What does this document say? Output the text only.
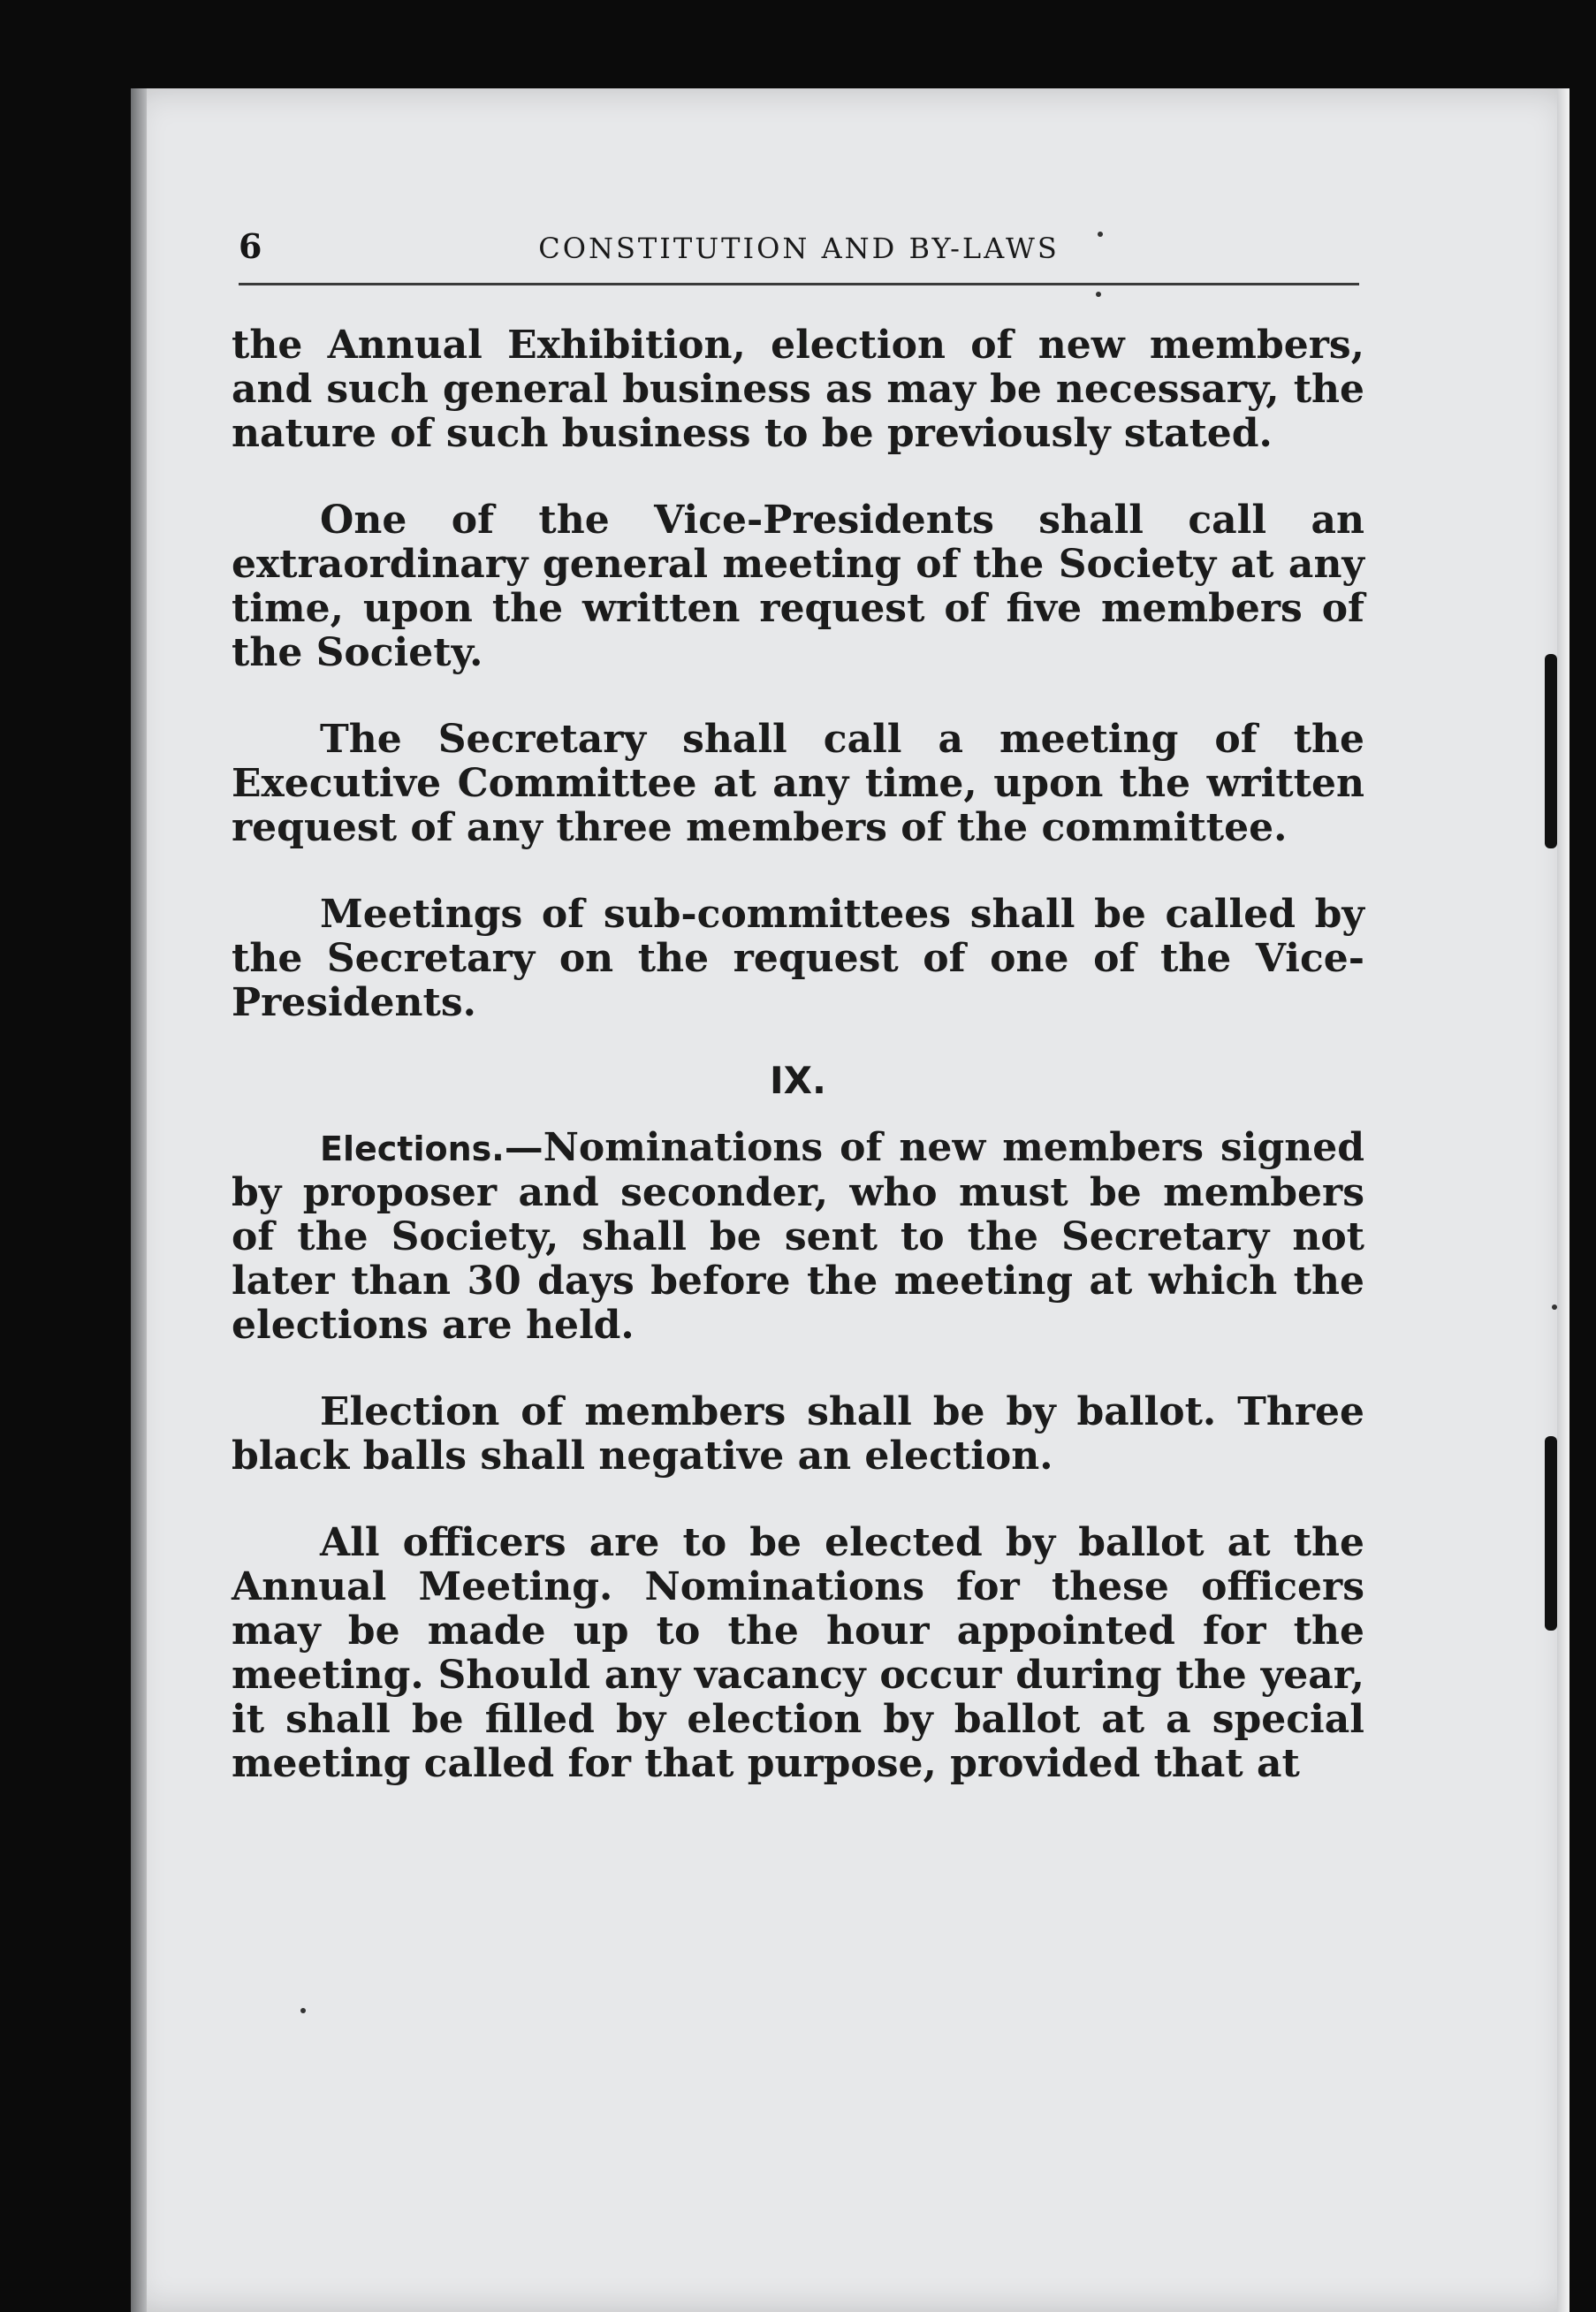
6	CONSTITUTION AND BY-LAWS

the Annual Exhibition, election of new members, and such general business as may be necessary, the nature of such business to be previously stated.

One of the Vice-Presidents shall call an extraordinary general meeting of the Society at any time, upon the written request of five members of the Society.

The Secretary shall call a meeting of the Executive Committee at any time, upon the written request of any three members of the committee.

Meetings of sub-committees shall be called by the Secretary on the request of one of the Vice-Presidents.

IX.

Elections.—Nominations of new members signed by proposer and seconder, who must be members of the Society, shall be sent to the Secretary not later than 30 days before the meeting at which the elections are held.

Election of members shall be by ballot. Three black balls shall negative an election.

All officers are to be elected by ballot at the Annual Meeting. Nominations for these officers may be made up to the hour appointed for the meeting. Should any vacancy occur during the year, it shall be filled by election by ballot at a special meeting called for that purpose, provided that at
